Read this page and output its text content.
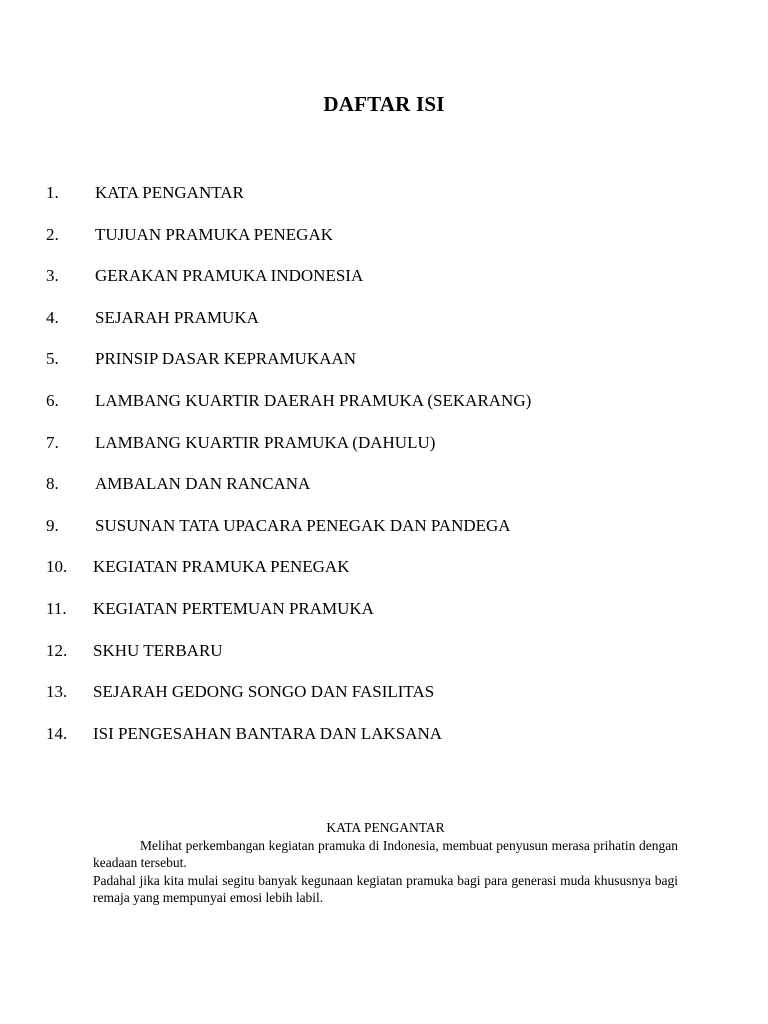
DAFTAR ISI
1. KATA PENGANTAR
2. TUJUAN PRAMUKA PENEGAK
3. GERAKAN PRAMUKA INDONESIA
4. SEJARAH PRAMUKA
5. PRINSIP DASAR KEPRAMUKAAN
6. LAMBANG KUARTIR DAERAH PRAMUKA (SEKARANG)
7. LAMBANG KUARTIR PRAMUKA (DAHULU)
8. AMBALAN DAN RANCANA
9. SUSUNAN TATA UPACARA PENEGAK DAN PANDEGA
10. KEGIATAN PRAMUKA PENEGAK
11. KEGIATAN PERTEMUAN PRAMUKA
12. SKHU TERBARU
13. SEJARAH GEDONG SONGO DAN FASILITAS
14. ISI PENGESAHAN BANTARA DAN LAKSANA

KATA PENGANTAR

Melihat perkembangan kegiatan pramuka di Indonesia, membuat penyusun merasa prihatin dengan keadaan tersebut.

Padahal jika kita mulai segitu banyak kegunaan kegiatan pramuka bagi para generasi muda khususnya bagi remaja yang mempunyai emosi lebih labil.
